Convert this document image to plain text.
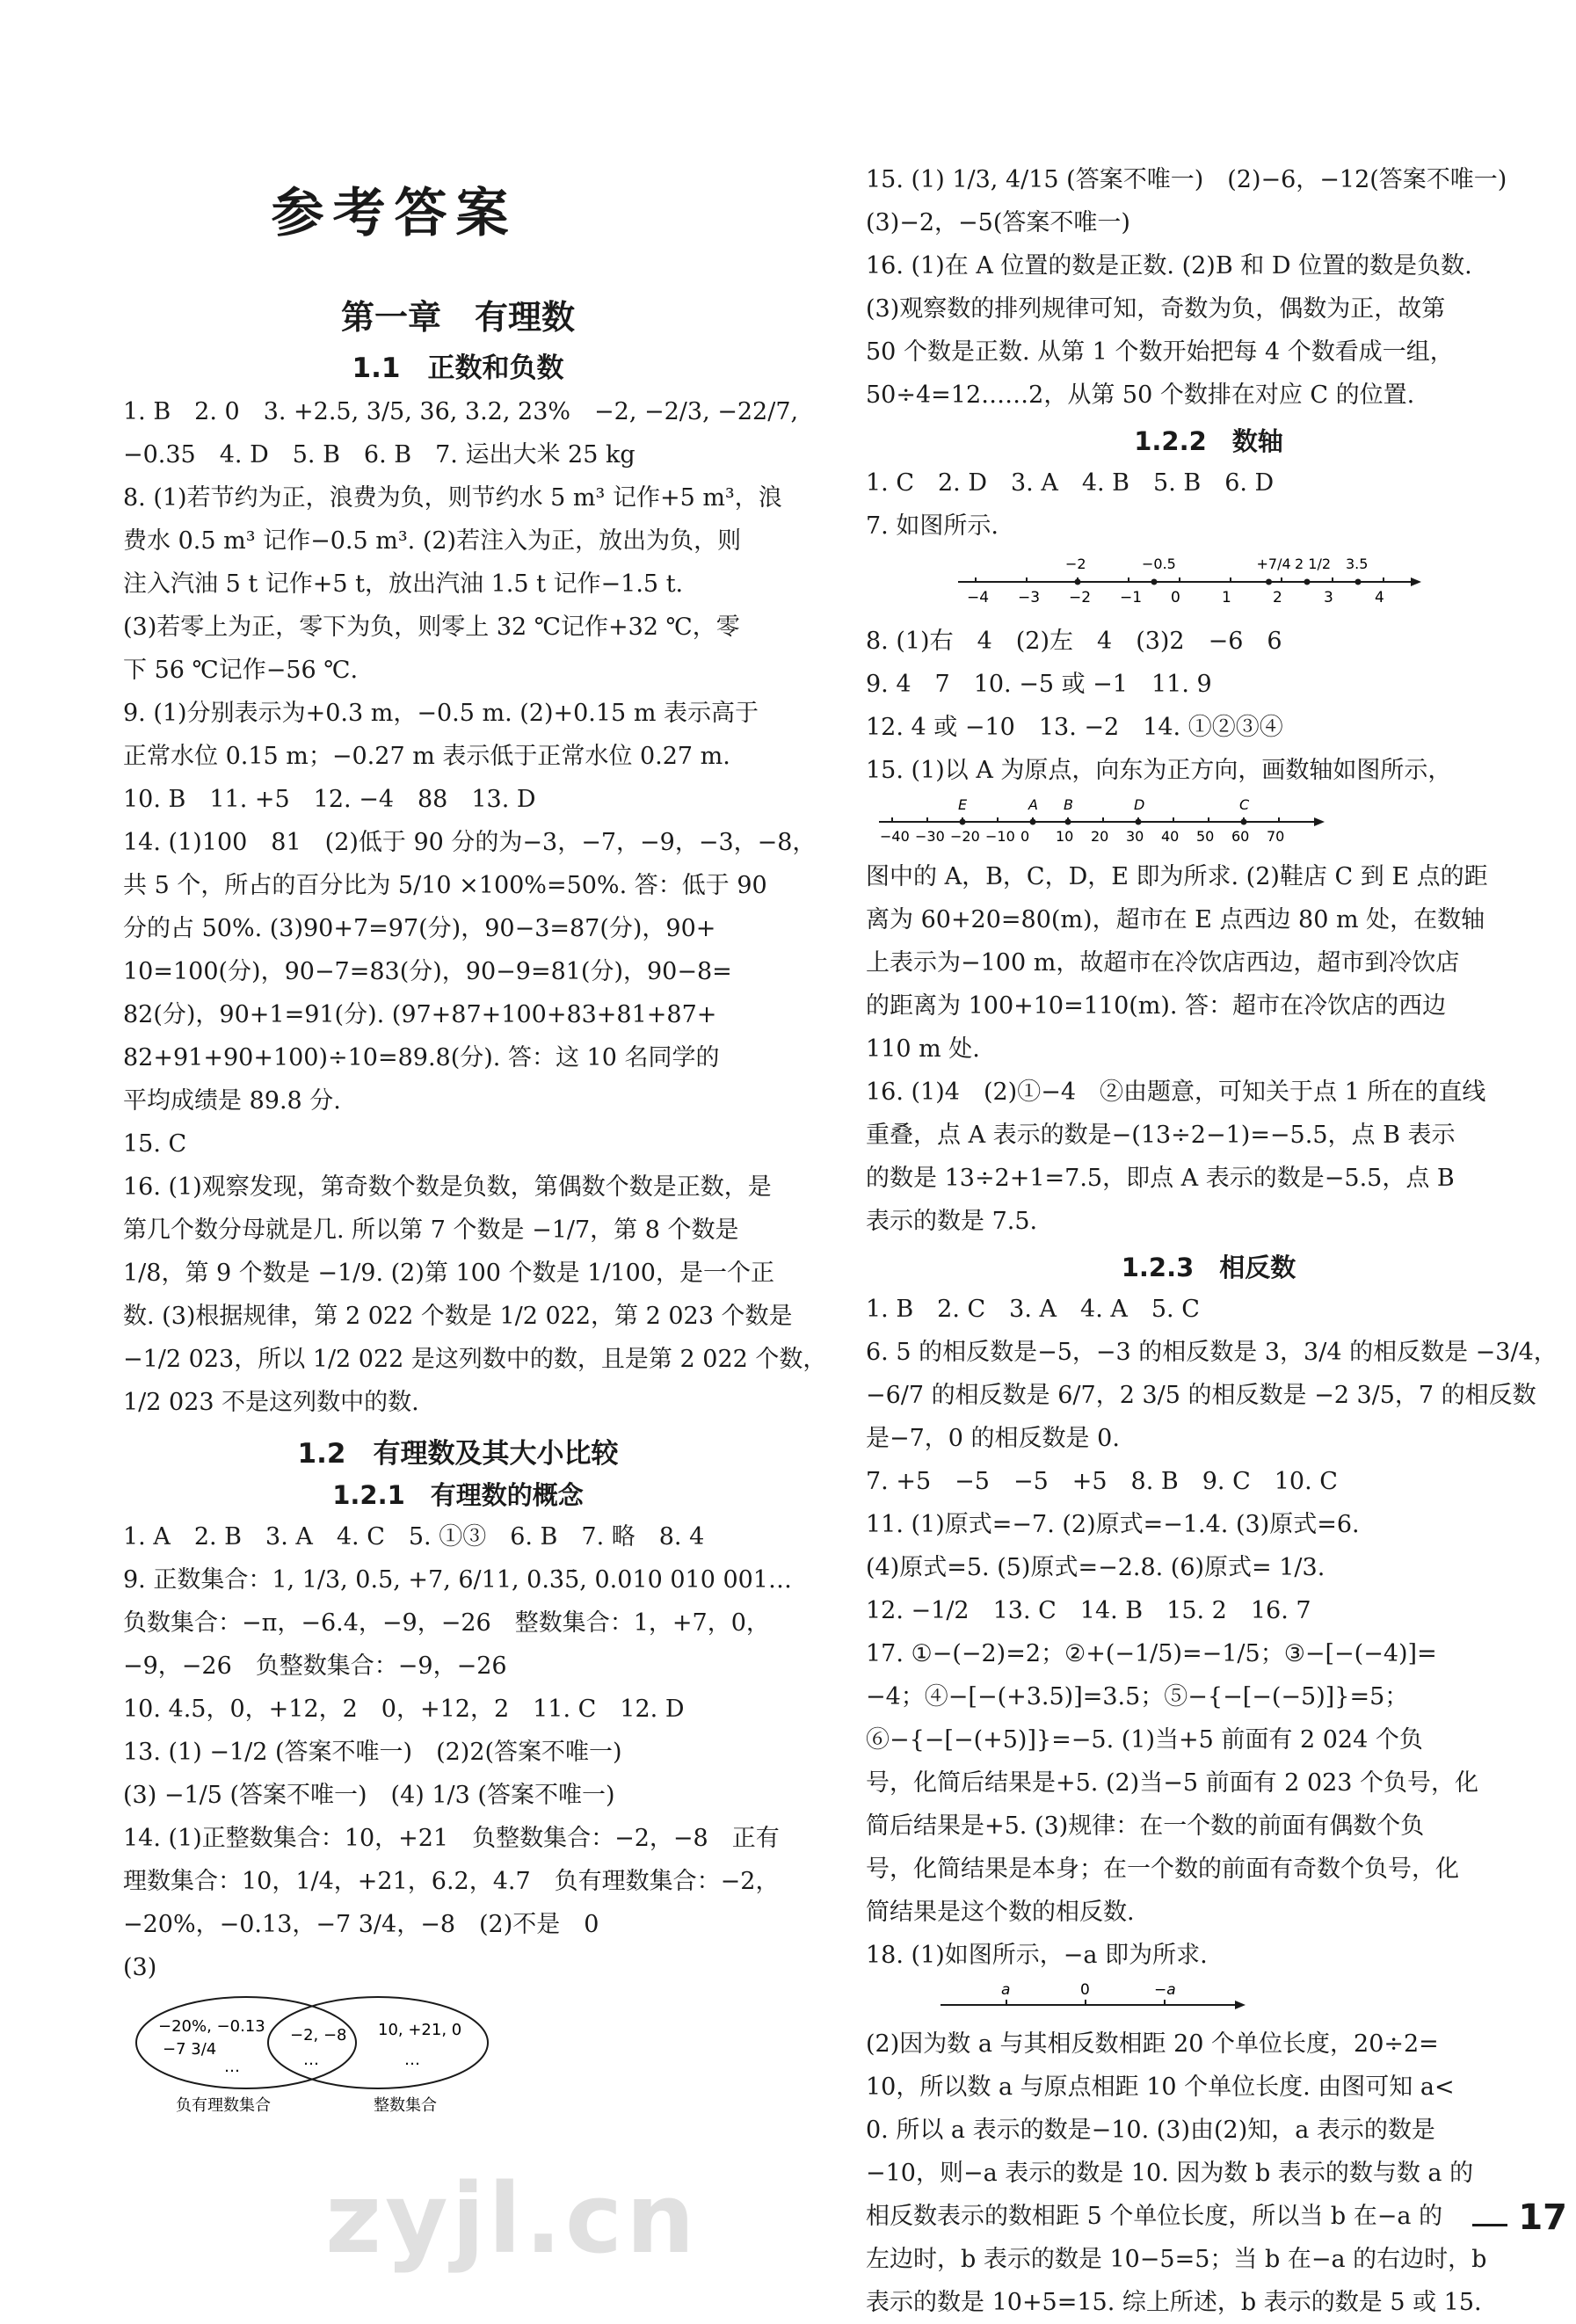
参考答案
第一章　有理数
1.1　正数和负数
1. B　2. 0　3. +2.5, 3/5, 36, 3.2, 23%　−2, −2/3, −22/7,
−0.35　4. D　5. B　6. B　7. 运出大米 25 kg
8. (1)若节约为正，浪费为负，则节约水 5 m³ 记作+5 m³，浪
费水 0.5 m³ 记作−0.5 m³. (2)若注入为正，放出为负，则
注入汽油 5 t 记作+5 t，放出汽油 1.5 t 记作−1.5 t.
(3)若零上为正，零下为负，则零上 32 ℃记作+32 ℃，零
下 56 ℃记作−56 ℃.
9. (1)分别表示为+0.3 m，−0.5 m. (2)+0.15 m 表示高于
正常水位 0.15 m；−0.27 m 表示低于正常水位 0.27 m.
10. B　11. +5　12. −4　88　13. D
14. (1)100　81　(2)低于 90 分的为−3，−7，−9，−3，−8，
共 5 个，所占的百分比为 5/10 ×100%=50%. 答：低于 90
分的占 50%. (3)90+7=97(分)，90−3=87(分)，90+
10=100(分)，90−7=83(分)，90−9=81(分)，90−8=
82(分)，90+1=91(分). (97+87+100+83+81+87+
82+91+90+100)÷10=89.8(分). 答：这 10 名同学的
平均成绩是 89.8 分.
15. C
16. (1)观察发现，第奇数个数是负数，第偶数个数是正数，是
第几个数分母就是几. 所以第 7 个数是 −1/7，第 8 个数是
1/8，第 9 个数是 −1/9. (2)第 100 个数是 1/100，是一个正
数. (3)根据规律，第 2 022 个数是 1/2 022，第 2 023 个数是
−1/2 023，所以 1/2 022 是这列数中的数，且是第 2 022 个数，
1/2 023 不是这列数中的数.
1.2　有理数及其大小比较
1.2.1　有理数的概念
1. A　2. B　3. A　4. C　5. ①③　6. B　7. 略　8. 4
9. 正数集合：1, 1/3, 0.5, +7, 6/11, 0.3̇5̇, 0.010 010 001…
负数集合：−π，−6.4，−9，−26　整数集合：1，+7，0，
−9，−26　负整数集合：−9，−26
10. 4.5，0，+12，2　0，+12，2　11. C　12. D
13. (1) −1/2 (答案不唯一)　(2)2(答案不唯一)
(3) −1/5 (答案不唯一)　(4) 1/3 (答案不唯一)
14. (1)正整数集合：10，+21　负整数集合：−2，−8　正有
理数集合：10，1/4，+21，6.2，4.7　负有理数集合：−2，
−20%，−0.13，−7 3/4，−8　(2)不是　0
(3)
−20%, −0.13
−7 3/4
…
−2, −8
…
10, +21, 0
…
负有理数集合	整数集合
15. (1) 1/3, 4/15 (答案不唯一)　(2)−6，−12(答案不唯一)
(3)−2，−5(答案不唯一)
16. (1)在 A 位置的数是正数. (2)B 和 D 位置的数是负数.
(3)观察数的排列规律可知，奇数为负，偶数为正，故第
50 个数是正数. 从第 1 个数开始把每 4 个数看成一组，
50÷4=12……2，从第 50 个数排在对应 C 的位置.
1.2.2　数轴
1. C　2. D　3. A　4. B　5. B　6. D
7. 如图所示.
−4 −3 −2 −1 0	1	2	3	4
−2	−0.5	+7/4 2 1/2 3.5
8. (1)右　4　(2)左　4　(3)2　−6　6
9. 4　7　10. −5 或 −1　11. 9
12. 4 或 −10　13. −2　14. ①②③④
15. (1)以 A 为原点，向东为正方向，画数轴如图所示，
−40 −30 −20 −10 0 10 20 30 40 50 60 70
E	A B	D	C
图中的 A，B，C，D，E 即为所求. (2)鞋店 C 到 E 点的距
离为 60+20=80(m)，超市在 E 点西边 80 m 处，在数轴
上表示为−100 m，故超市在冷饮店西边，超市到冷饮店
的距离为 100+10=110(m). 答：超市在冷饮店的西边
110 m 处.
16. (1)4　(2)①−4　②由题意，可知关于点 1 所在的直线
重叠，点 A 表示的数是−(13÷2−1)=−5.5，点 B 表示
的数是 13÷2+1=7.5，即点 A 表示的数是−5.5，点 B
表示的数是 7.5.
1.2.3　相反数
1. B　2. C　3. A　4. A　5. C
6. 5 的相反数是−5，−3 的相反数是 3，3/4 的相反数是 −3/4，
−6/7 的相反数是 6/7，2 3/5 的相反数是 −2 3/5，7 的相反数
是−7，0 的相反数是 0.
7. +5　−5　−5　+5　8. B　9. C　10. C
11. (1)原式=−7. (2)原式=−1.4. (3)原式=6.
(4)原式=5. (5)原式=−2.8. (6)原式= 1/3.
12. −1/2　13. C　14. B　15. 2　16. 7
17. ①−(−2)=2；②+(−1/5)=−1/5；③−[−(−4)]=
−4；④−[−(+3.5)]=3.5；⑤−{−[−(−5)]}=5；
⑥−{−[−(+5)]}=−5. (1)当+5 前面有 2 024 个负
号，化简后结果是+5. (2)当−5 前面有 2 023 个负号，化
简后结果是+5. (3)规律：在一个数的前面有偶数个负
号，化简结果是本身；在一个数的前面有奇数个负号，化
简结果是这个数的相反数.
18. (1)如图所示，−a 即为所求.
a	0	−a
(2)因为数 a 与其相反数相距 20 个单位长度，20÷2=
10，所以数 a 与原点相距 10 个单位长度. 由图可知 a<
0. 所以 a 表示的数是−10. (3)由(2)知，a 表示的数是
−10，则−a 表示的数是 10. 因为数 b 表示的数与数 a 的
相反数表示的数相距 5 个单位长度，所以当 b 在−a 的
左边时，b 表示的数是 10−5=5；当 b 在−a 的右边时，b
表示的数是 10+5=15. 综上所述，b 表示的数是 5 或 15.
zyjl.cn	17
